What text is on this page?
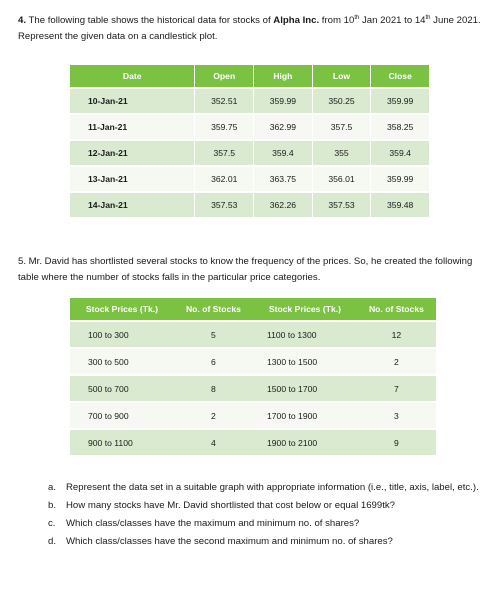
4. The following table shows the historical data for stocks of Alpha Inc. from 10th Jan 2021 to 14th June 2021. Represent the given data on a candlestick plot.
Date	Open	High	Low	Close
10-Jan-21	352.51	359.99	350.25	359.99
11-Jan-21	359.75	362.99	357.5	358.25
12-Jan-21	357.5	359.4	355	359.4
13-Jan-21	362.01	363.75	356.01	359.99
14-Jan-21	357.53	362.26	357.53	359.48
5. Mr. David has shortlisted several stocks to know the frequency of the prices. So, he created the following table where the number of stocks falls in the particular price categories.
Stock Prices (Tk.)	No. of Stocks	Stock Prices (Tk.)	No. of Stocks
100 to 300	5	1100 to 1300	12
300 to 500	6	1300 to 1500	2
500 to 700	8	1500 to 1700	7
700 to 900	2	1700 to 1900	3
900 to 1100	4	1900 to 2100	9
a. Represent the data set in a suitable graph with appropriate information (i.e., title, axis, label, etc.).
b. How many stocks have Mr. David shortlisted that cost below or equal 1699tk?
c. Which class/classes have the maximum and minimum no. of shares?
d. Which class/classes have the second maximum and minimum no. of shares?
